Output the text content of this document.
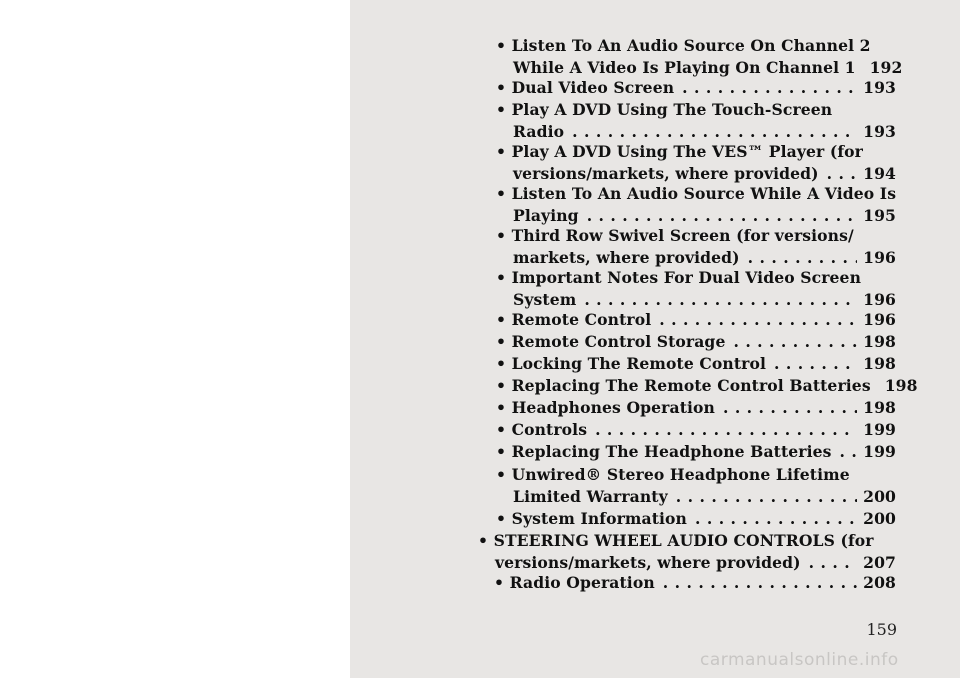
• Listen To An Audio Source On Channel 2
While A Video Is Playing On Channel 1 192
• Dual Video Screen . . .	193
• Play A DVD Using The Touch-Screen
Radio . . .	193
• Play A DVD Using The VES™ Player (for
versions/markets, where provided) . . .	194
• Listen To An Audio Source While A Video Is
Playing . . .	195
• Third Row Swivel Screen (for versions/
markets, where provided) . . .	196
• Important Notes For Dual Video Screen
System . . .	196
• Remote Control . . .	196
• Remote Control Storage . . .	198
• Locking The Remote Control . . .	198
• Replacing The Remote Control Batteries 198
• Headphones Operation . . .	198
• Controls . . .	199
• Replacing The Headphone Batteries . . . 199
• Unwired® Stereo Headphone Lifetime
Limited Warranty . . .	200
• System Information . . .	200
• STEERING WHEEL AUDIO CONTROLS (for
versions/markets, where provided) . . .	207
• Radio Operation . . .	208
159
carmanualsonline.info
